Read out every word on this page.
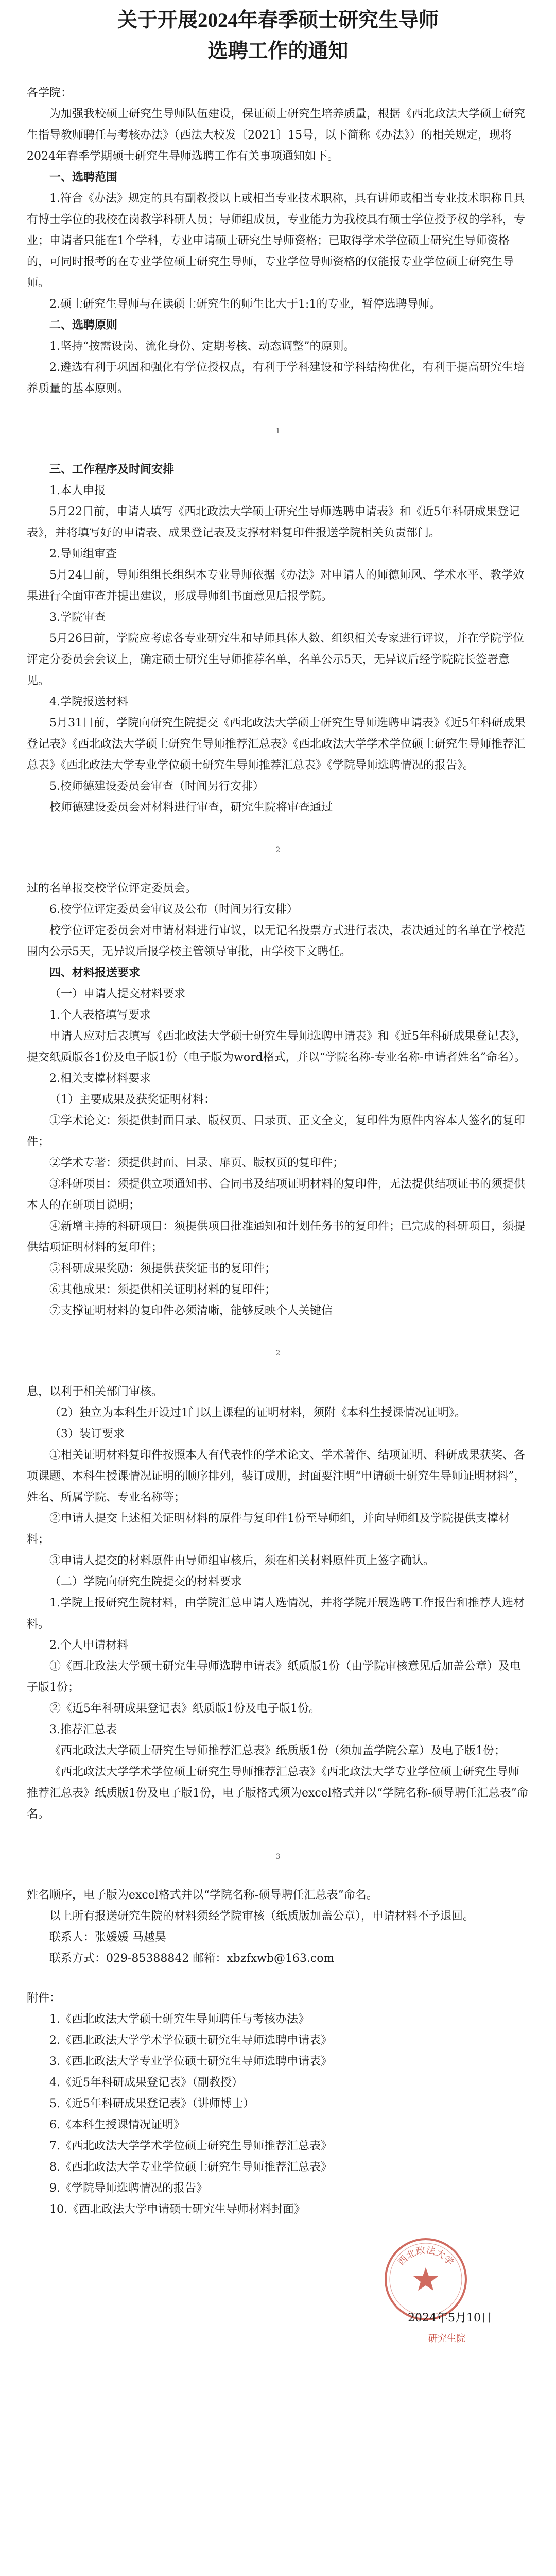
关于开展2024年春季硕士研究生导师
选聘工作的通知

各学院：

为加强我校硕士研究生导师队伍建设，保证硕士研究生培养质量，根据《西北政法大学硕士研究生指导教师聘任与考核办法》（西法大校发〔2021〕15号，以下简称《办法》）的相关规定，现将2024年春季学期硕士研究生导师选聘工作有关事项通知如下。

一、选聘范围

1.符合《办法》规定的具有副教授以上或相当专业技术职称，具有讲师或相当专业技术职称且具有博士学位的我校在岗教学科研人员；导师组成员，专业能力为我校具有硕士学位授予权的学科，专业；申请者只能在1个学科，专业申请硕士研究生导师资格；已取得学术学位硕士研究生导师资格的，可同时报考的在专业学位硕士研究生导师，专业学位导师资格的仅能报专业学位硕士研究生导师。

2.硕士研究生导师与在读硕士研究生的师生比大于1:1的专业，暂停选聘导师。

二、选聘原则

1.坚持“按需设岗、流化身份、定期考核、动态调整”的原则。

2.遴选有利于巩固和强化有学位授权点，有利于学科建设和学科结构优化，有利于提高研究生培养质量的基本原则。

1

三、工作程序及时间安排

1.本人申报

5月22日前，申请人填写《西北政法大学硕士研究生导师选聘申请表》和《近5年科研成果登记表》，并将填写好的申请表、成果登记表及支撑材料复印件报送学院相关负责部门。

2.导师组审查

5月24日前，导师组组长组织本专业导师依据《办法》对申请人的师德师风、学术水平、教学效果进行全面审查并提出建议，形成导师组书面意见后报学院。

3.学院审查

5月26日前，学院应考虑各专业研究生和导师具体人数、组织相关专家进行评议，并在学院学位评定分委员会会议上，确定硕士研究生导师推荐名单，名单公示5天，无异议后经学院院长签署意见。

4.学院报送材料

5月31日前，学院向研究生院提交《西北政法大学硕士研究生导师选聘申请表》《近5年科研成果登记表》《西北政法大学硕士研究生导师推荐汇总表》《西北政法大学学术学位硕士研究生导师推荐汇总表》《西北政法大学专业学位硕士研究生导师推荐汇总表》《学院导师选聘情况的报告》。

5.校师德建设委员会审查（时间另行安排）

校师德建设委员会对材料进行审查，研究生院将审查通过

2

过的名单报交校学位评定委员会。

6.校学位评定委员会审议及公布（时间另行安排）

校学位评定委员会对申请材料进行审议，以无记名投票方式进行表决，表决通过的名单在学校范围内公示5天，无异议后报学校主管领导审批，由学校下文聘任。

四、材料报送要求

（一）申请人提交材料要求

1.个人表格填写要求

申请人应对后表填写《西北政法大学硕士研究生导师选聘申请表》和《近5年科研成果登记表》，提交纸质版各1份及电子版1份（电子版为word格式，并以“学院名称-专业名称-申请者姓名”命名）。

2.相关支撑材料要求

（1）主要成果及获奖证明材料：

①学术论文：须提供封面目录、版权页、目录页、正文全文，复印件为原件内容本人签名的复印件；

②学术专著：须提供封面、目录、扉页、版权页的复印件；

③科研项目：须提供立项通知书、合同书及结项证明材料的复印件，无法提供结项证书的须提供本人的在研项目说明；

④新增主持的科研项目：须提供项目批准通知和计划任务书的复印件；已完成的科研项目，须提供结项证明材料的复印件；

⑤科研成果奖励：须提供获奖证书的复印件；

⑥其他成果：须提供相关证明材料的复印件；

⑦支撑证明材料的复印件必须清晰，能够反映个人关键信

2

息，以利于相关部门审核。

（2）独立为本科生开设过1门以上课程的证明材料，须附《本科生授课情况证明》。

（3）装订要求

①相关证明材料复印件按照本人有代表性的学术论文、学术著作、结项证明、科研成果获奖、各项课题、本科生授课情况证明的顺序排列，装订成册，封面要注明“申请硕士研究生导师证明材料”，姓名、所属学院、专业名称等；

②申请人提交上述相关证明材料的原件与复印件1份至导师组，并向导师组及学院提供支撑材料；

③申请人提交的材料原件由导师组审核后，须在相关材料原件页上签字确认。

（二）学院向研究生院提交的材料要求

1.学院上报研究生院材料，由学院汇总申请人选情况，并将学院开展选聘工作报告和推荐人选材料。

2.个人申请材料

①《西北政法大学硕士研究生导师选聘申请表》纸质版1份（由学院审核意见后加盖公章）及电子版1份；

②《近5年科研成果登记表》纸质版1份及电子版1份。

3.推荐汇总表

《西北政法大学硕士研究生导师推荐汇总表》纸质版1份（须加盖学院公章）及电子版1份；

《西北政法大学学术学位硕士研究生导师推荐汇总表》《西北政法大学专业学位硕士研究生导师推荐汇总表》纸质版1份及电子版1份，电子版格式须为excel格式并以“学院名称-硕导聘任汇总表”命名。

3

姓名顺序，电子版为excel格式并以“学院名称-硕导聘任汇总表”命名。

以上所有报送研究生院的材料须经学院审核（纸质版加盖公章），申请材料不予退回。

联系人：张媛媛 马越昊

联系方式：029-85388842 邮箱：xbzfxwb@163.com

附件：

1.《西北政法大学硕士研究生导师聘任与考核办法》

2.《西北政法大学学术学位硕士研究生导师选聘申请表》

3.《西北政法大学专业学位硕士研究生导师选聘申请表》

4.《近5年科研成果登记表》（副教授）

5.《近5年科研成果登记表》（讲师博士）

6.《本科生授课情况证明》

7.《西北政法大学学术学位硕士研究生导师推荐汇总表》

8.《西北政法大学专业学位硕士研究生导师推荐汇总表》

9.《学院导师选聘情况的报告》

10.《西北政法大学申请硕士研究生导师材料封面》

西北政法大学
2024年5月10日
研究生院
